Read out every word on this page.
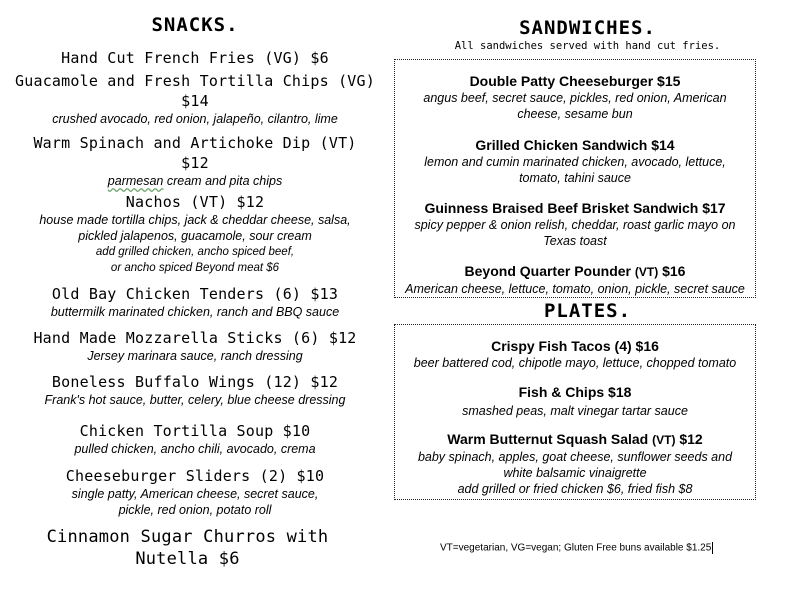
SNACKS.
Hand Cut French Fries (VG) $6
Guacamole and Fresh Tortilla Chips (VG)
$14
crushed avocado, red onion, jalapeño, cilantro, lime
Warm Spinach and Artichoke Dip (VT)
$12
parmesan cream and pita chips
Nachos (VT) $12
house made tortilla chips, jack & cheddar cheese, salsa,
pickled jalapenos, guacamole, sour cream
add grilled chicken, ancho spiced beef,
or ancho spiced Beyond meat $6
Old Bay Chicken Tenders (6) $13
buttermilk marinated chicken, ranch and BBQ sauce
Hand Made Mozzarella Sticks (6) $12
Jersey marinara sauce, ranch dressing
Boneless Buffalo Wings (12) $12
Frank's hot sauce, butter, celery, blue cheese dressing
Chicken Tortilla Soup $10
pulled chicken, ancho chili, avocado, crema
Cheeseburger Sliders (2) $10
single patty, American cheese, secret sauce,
pickle, red onion, potato roll
Cinnamon Sugar Churros with
Nutella $6
SANDWICHES.
All sandwiches served with hand cut fries.
Double Patty Cheeseburger $15
angus beef, secret sauce, pickles, red onion, American
cheese, sesame bun
Grilled Chicken Sandwich $14
lemon and cumin marinated chicken, avocado, lettuce,
tomato, tahini sauce
Guinness Braised Beef Brisket Sandwich $17
spicy pepper & onion relish, cheddar, roast garlic mayo on
Texas toast
Beyond Quarter Pounder (VT) $16
American cheese, lettuce, tomato, onion, pickle, secret sauce
PLATES.
Crispy Fish Tacos (4) $16
beer battered cod, chipotle mayo, lettuce, chopped tomato
Fish & Chips $18
smashed peas, malt vinegar tartar sauce
Warm Butternut Squash Salad (VT) $12
baby spinach, apples, goat cheese, sunflower seeds and
white balsamic vinaigrette
add grilled or fried chicken $6, fried fish $8
VT=vegetarian, VG=vegan; Gluten Free buns available $1.25
